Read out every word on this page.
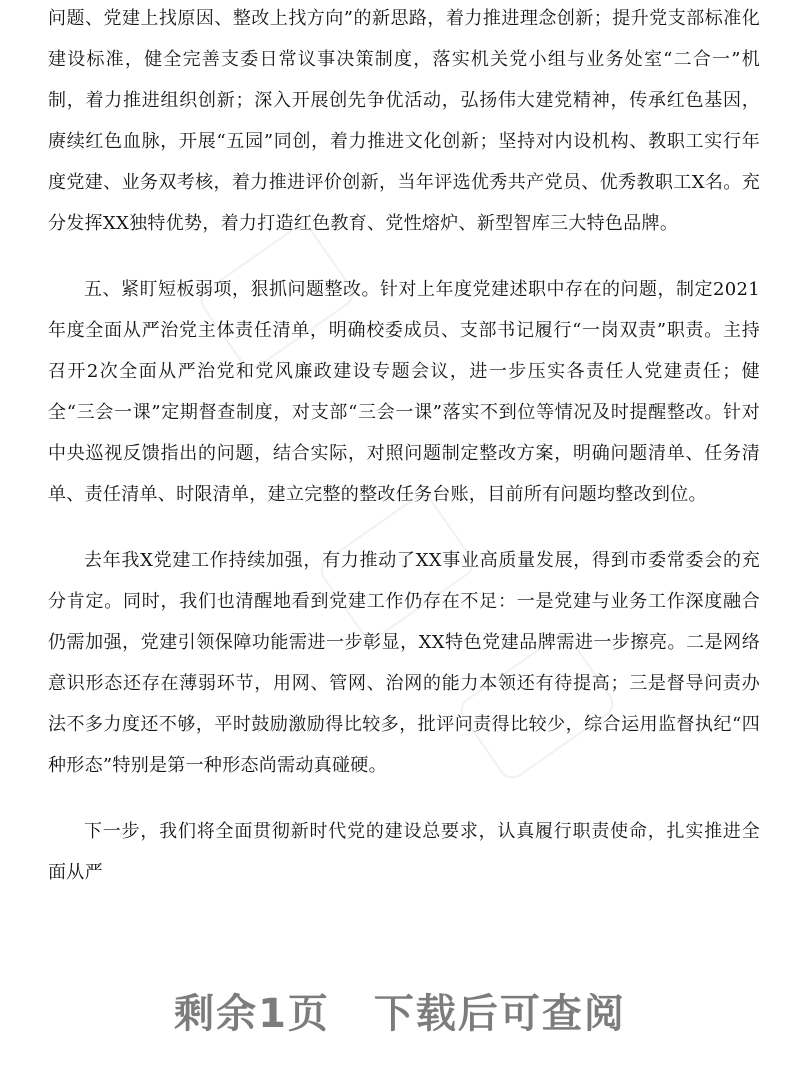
问题、党建上找原因、整改上找方向”的新思路，着力推进理念创新；提升党支部标准化建设标准，健全完善支委日常议事决策制度，落实机关党小组与业务处室“二合一”机制，着力推进组织创新；深入开展创先争优活动，弘扬伟大建党精神，传承红色基因，赓续红色血脉，开展“五园”同创，着力推进文化创新；坚持对内设机构、教职工实行年度党建、业务双考核，着力推进评价创新，当年评选优秀共产党员、优秀教职工X名。充分发挥XX独特优势，着力打造红色教育、党性熔炉、新型智库三大特色品牌。

五、紧盯短板弱项，狠抓问题整改。针对上年度党建述职中存在的问题，制定2021年度全面从严治党主体责任清单，明确校委成员、支部书记履行“一岗双责”职责。主持召开2次全面从严治党和党风廉政建设专题会议，进一步压实各责任人党建责任；健全“三会一课”定期督查制度，对支部“三会一课”落实不到位等情况及时提醒整改。针对中央巡视反馈指出的问题，结合实际，对照问题制定整改方案，明确问题清单、任务清单、责任清单、时限清单，建立完整的整改任务台账，目前所有问题均整改到位。

去年我X党建工作持续加强，有力推动了XX事业高质量发展，得到市委常委会的充分肯定。同时，我们也清醒地看到党建工作仍存在不足：一是党建与业务工作深度融合仍需加强，党建引领保障功能需进一步彰显，XX特色党建品牌需进一步擦亮。二是网络意识形态还存在薄弱环节，用网、管网、治网的能力本领还有待提高；三是督导问责办法不多力度还不够，平时鼓励激励得比较多，批评问责得比较少，综合运用监督执纪“四种形态”特别是第一种形态尚需动真碰硬。

下一步，我们将全面贯彻新时代党的建设总要求，认真履行职责使命，扎实推进全面从严

剩余1页 下载后可查阅
